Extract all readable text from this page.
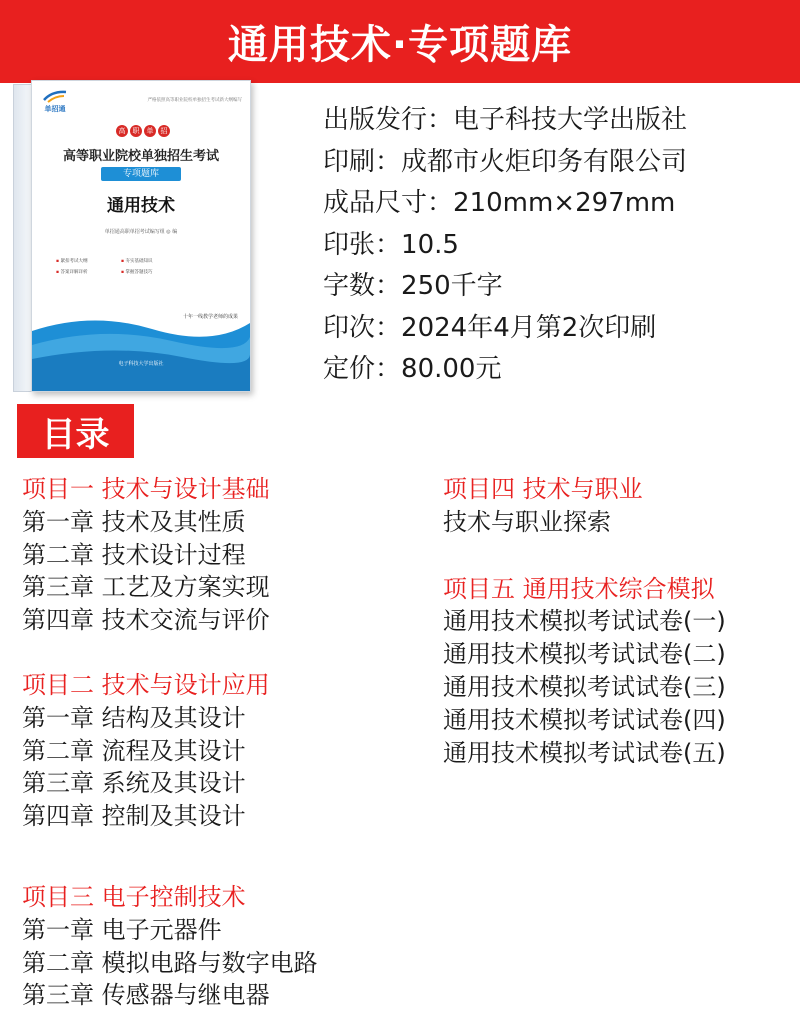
通用技术·专项题库
单招通
严格依照高等职业院校单独招生考试新大纲编写
高	职	单	招
高等职业院校单独招生考试
专项题库
通用技术
单招通高职单招考试编写组 ◎ 编
▪ 紧扣考试大纲	▪ 夯实基础知识
▪ 答案详解详析	▪ 掌握答题技巧
十年一线教学老师的成果
电子科技大学出版社
出版发行：电子科技大学出版社
印刷：成都市火炬印务有限公司
成品尺寸：210mm×297mm
印张：10.5
字数：250千字
印次：2024年4月第2次印刷
定价：80.00元
目录
项目一 技术与设计基础
第一章 技术及其性质
第二章 技术设计过程
第三章 工艺及方案实现
第四章 技术交流与评价
项目二 技术与设计应用
第一章 结构及其设计
第二章 流程及其设计
第三章 系统及其设计
第四章 控制及其设计
项目三 电子控制技术
第一章 电子元器件
第二章 模拟电路与数字电路
第三章 传感器与继电器
项目四 技术与职业
技术与职业探索
项目五 通用技术综合模拟
通用技术模拟考试试卷(一)
通用技术模拟考试试卷(二)
通用技术模拟考试试卷(三)
通用技术模拟考试试卷(四)
通用技术模拟考试试卷(五)
